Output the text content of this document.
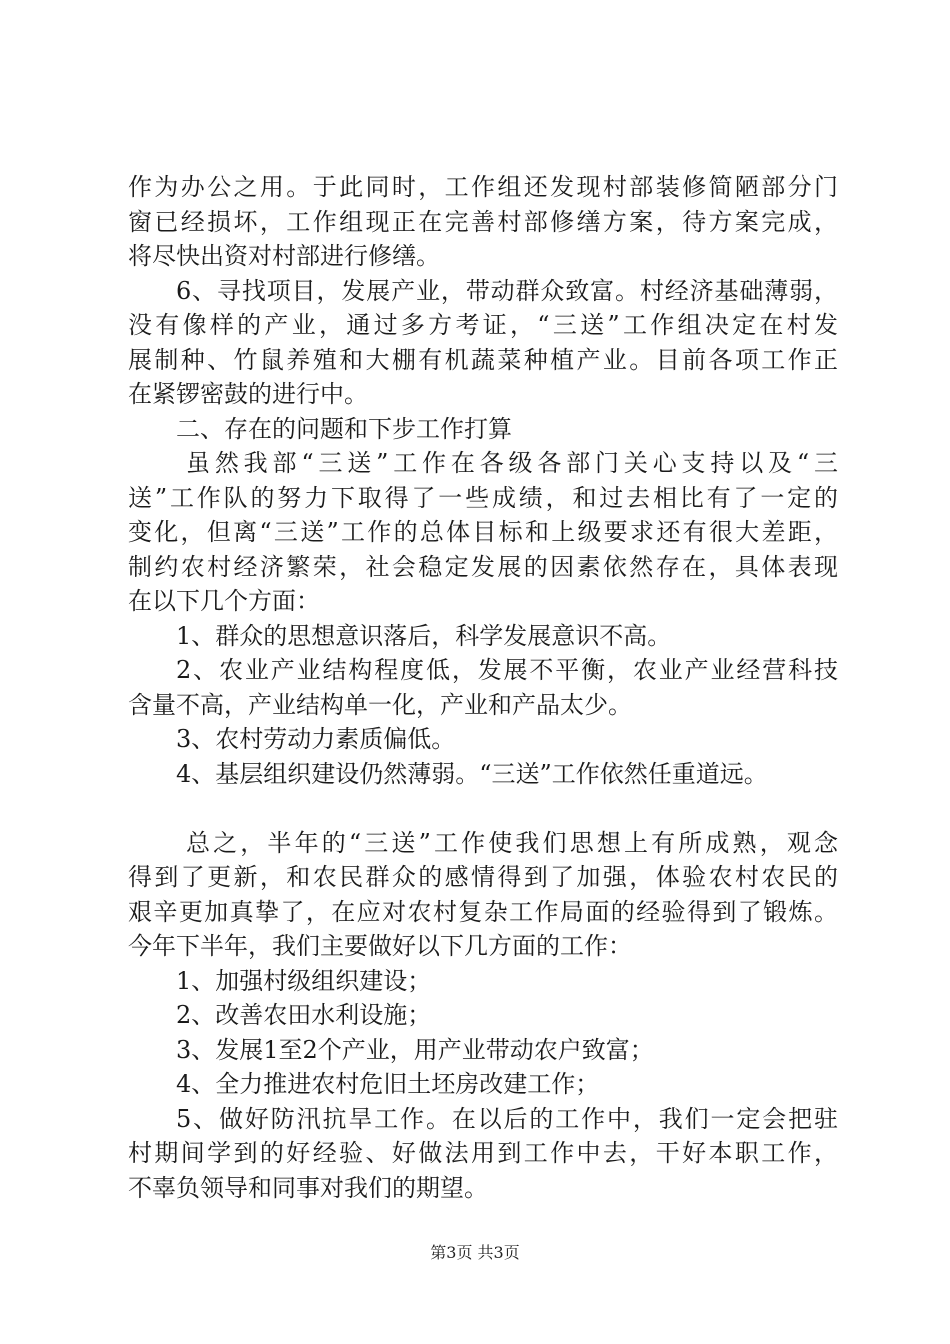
作为办公之用。于此同时，工作组还发现村部装修简陋部分门
窗已经损坏，工作组现正在完善村部修缮方案，待方案完成，
将尽快出资对村部进行修缮。
6、寻找项目，发展产业，带动群众致富。村经济基础薄弱，
没有像样的产业，通过多方考证，“三送”工作组决定在村发
展制种、竹鼠养殖和大棚有机蔬菜种植产业。目前各项工作正
在紧锣密鼓的进行中。
二、存在的问题和下步工作打算
虽然我部“三送”工作在各级各部门关心支持以及“三
送”工作队的努力下取得了一些成绩，和过去相比有了一定的
变化，但离“三送”工作的总体目标和上级要求还有很大差距，
制约农村经济繁荣，社会稳定发展的因素依然存在，具体表现
在以下几个方面：
1、群众的思想意识落后，科学发展意识不高。
2、农业产业结构程度低，发展不平衡，农业产业经营科技
含量不高，产业结构单一化，产业和产品太少。
3、农村劳动力素质偏低。
4、基层组织建设仍然薄弱。“三送”工作依然任重道远。
总之，半年的“三送”工作使我们思想上有所成熟，观念
得到了更新，和农民群众的感情得到了加强，体验农村农民的
艰辛更加真挚了，在应对农村复杂工作局面的经验得到了锻炼。
今年下半年，我们主要做好以下几方面的工作：
1、加强村级组织建设；
2、改善农田水利设施；
3、发展1至2个产业，用产业带动农户致富；
4、全力推进农村危旧土坯房改建工作；
5、做好防汛抗旱工作。在以后的工作中，我们一定会把驻
村期间学到的好经验、好做法用到工作中去，干好本职工作，
不辜负领导和同事对我们的期望。
第3页 共3页
